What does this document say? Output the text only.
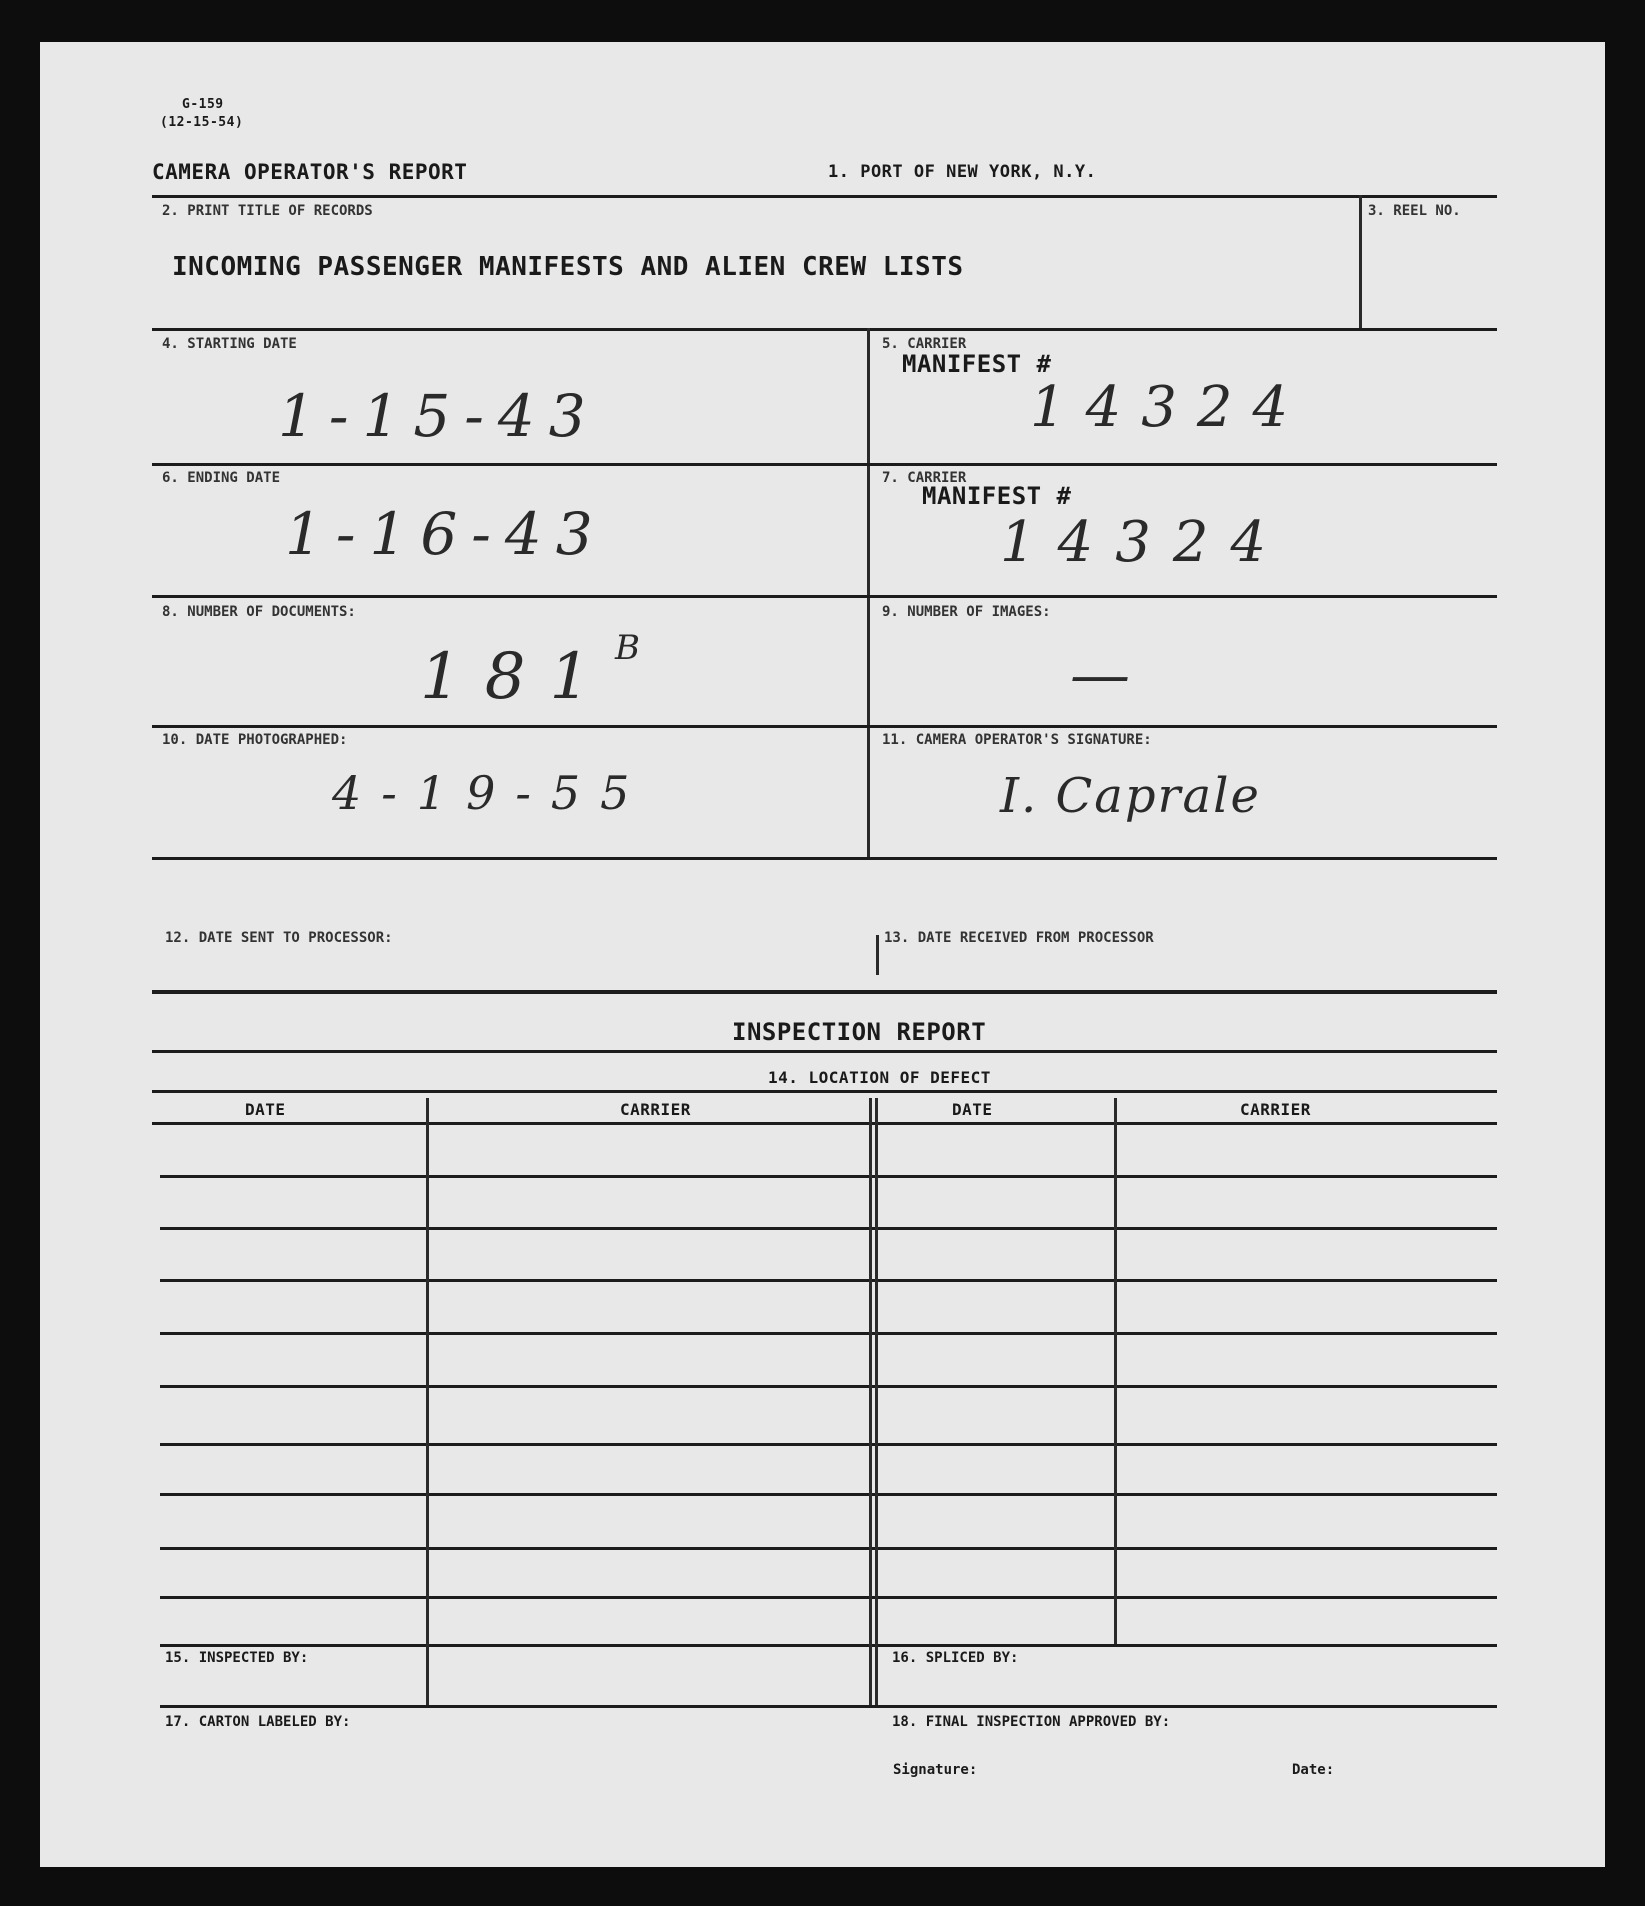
G-159
(12-15-54)
CAMERA OPERATOR'S REPORT	1. PORT OF NEW YORK, N.Y.
2. PRINT TITLE OF RECORDS
INCOMING PASSENGER MANIFESTS AND ALIEN CREW LISTS
3. REEL NO.
4. STARTING DATE
1-15-43
5. CARRIER
MANIFEST #
14324
6. ENDING DATE
1-16-43
7. CARRIER
MANIFEST #
14324
8. NUMBER OF DOCUMENTS:
181 B
9. NUMBER OF IMAGES:
—
10. DATE PHOTOGRAPHED:
4-19-55
11. CAMERA OPERATOR'S SIGNATURE:
I. Caprale
12. DATE SENT TO PROCESSOR:	13. DATE RECEIVED FROM PROCESSOR
INSPECTION REPORT
14. LOCATION OF DEFECT
DATE	CARRIER	DATE	CARRIER
15. INSPECTED BY:	16. SPLICED BY:
17. CARTON LABELED BY:	18. FINAL INSPECTION APPROVED BY:
Signature:	Date:
